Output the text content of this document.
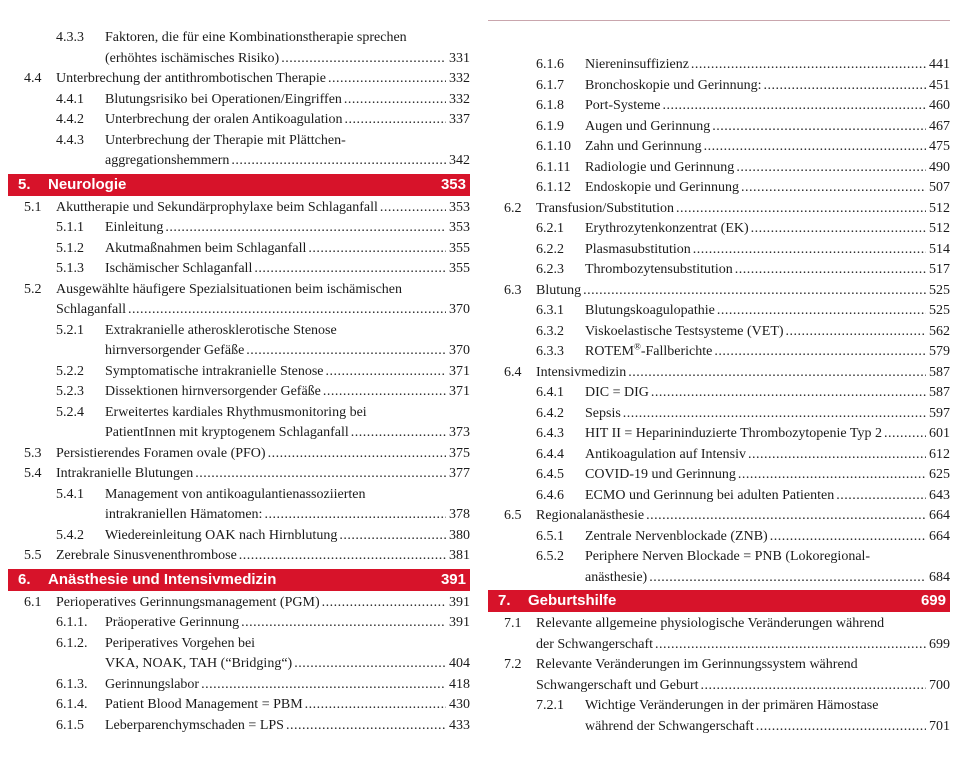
4.3.3 Faktoren, die für eine Kombinationstherapie sprechen
(erhöhtes ischämisches Risiko) .....	331
4.4 Unterbrechung der antithrombotischen Therapie .....	332
4.4.1 Blutungsrisiko bei Operationen/Eingriffen .....	332
4.4.2 Unterbrechung der oralen Antikoagulation .....	337
4.4.3 Unterbrechung der Therapie mit Plättchen-
aggregationshemmern .....	342
5. Neurologie	353
5.1 Akuttherapie und Sekundärprophylaxe beim Schlaganfall .....	353
5.1.1 Einleitung .....	353
5.1.2 Akutmaßnahmen beim Schlaganfall .....	355
5.1.3 Ischämischer Schlaganfall .....	355
5.2 Ausgewählte häufigere Spezialsituationen beim ischämischen
Schlaganfall .....	370
5.2.1 Extrakranielle atherosklerotische Stenose
hirnversorgender Gefäße .....	370
5.2.2 Symptomatische intrakranielle Stenose .....	371
5.2.3 Dissektionen hirnversorgender Gefäße .....	371
5.2.4 Erweitertes kardiales Rhythmusmonitoring bei
PatientInnen mit kryptogenem Schlaganfall .....	373
5.3 Persistierendes Foramen ovale (PFO) .....	375
5.4 Intrakranielle Blutungen .....	377
5.4.1 Management von antikoagulantienassoziierten
intrakraniellen Hämatomen: .....	378
5.4.2 Wiedereinleitung OAK nach Hirnblutung .....	380
5.5 Zerebrale Sinusvenenthrombose .....	381
6. Anästhesie und Intensivmedizin	391
6.1 Perioperatives Gerinnungsmanagement (PGM) .....	391
6.1.1. Präoperative Gerinnung .....	391
6.1.2. Periperatives Vorgehen bei
VKA, NOAK, TAH (“Bridging“) .....	404
6.1.3. Gerinnungslabor .....	418
6.1.4. Patient Blood Management = PBM .....	430
6.1.5 Leberparenchymschaden = LPS .....	433
6.1.6 Niereninsuffizienz .....	441
6.1.7 Bronchoskopie und Gerinnung: .....	451
6.1.8 Port-Systeme .....	460
6.1.9 Augen und Gerinnung .....	467
6.1.10 Zahn und Gerinnung .....	475
6.1.11 Radiologie und Gerinnung .....	490
6.1.12 Endoskopie und Gerinnung .....	507
6.2 Transfusion/Substitution .....	512
6.2.1 Erythrozytenkonzentrat (EK) .....	512
6.2.2 Plasmasubstitution .....	514
6.2.3 Thrombozytensubstitution .....	517
6.3 Blutung .....	525
6.3.1 Blutungskoagulopathie .....	525
6.3.2 Viskoelastische Testsysteme (VET) .....	562
6.3.3 ROTEM®-Fallberichte .....	579
6.4 Intensivmedizin .....	587
6.4.1 DIC = DIG .....	587
6.4.2 Sepsis .....	597
6.4.3 HIT II = Heparininduzierte Thrombozytopenie Typ 2 .....	601
6.4.4 Antikoagulation auf Intensiv .....	612
6.4.5 COVID-19 und Gerinnung .....	625
6.4.6 ECMO und Gerinnung bei adulten Patienten .....	643
6.5 Regionalanästhesie .....	664
6.5.1 Zentrale Nervenblockade (ZNB) .....	664
6.5.2 Periphere Nerven Blockade = PNB (Lokoregional-
anästhesie) .....	684
7. Geburtshilfe	699
7.1 Relevante allgemeine physiologische Veränderungen während
der Schwangerschaft .....	699
7.2 Relevante Veränderungen im Gerinnungssystem während
Schwangerschaft und Geburt .....	700
7.2.1 Wichtige Veränderungen in der primären Hämostase
während der Schwangerschaft .....	701
